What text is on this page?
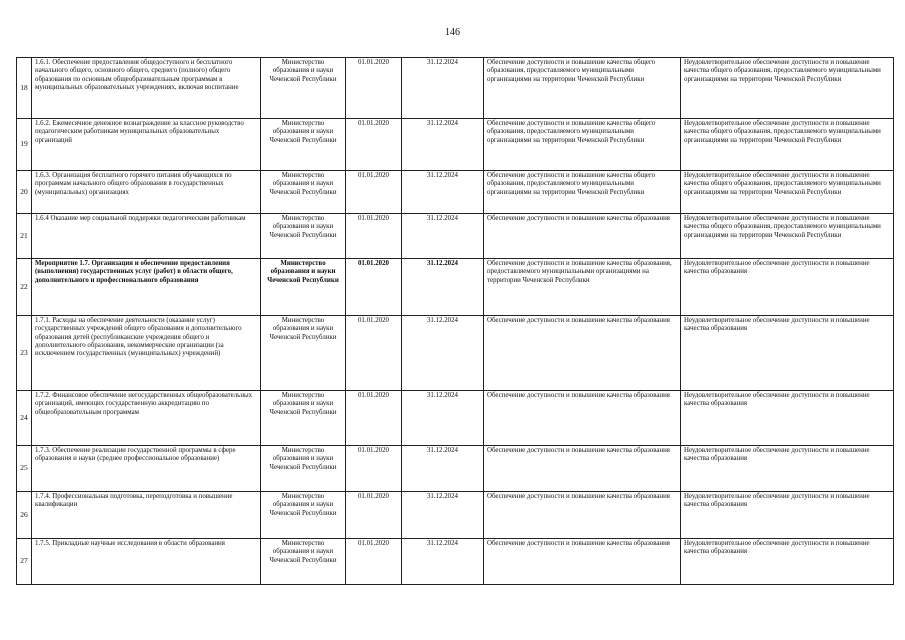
146
18	1.6.1. Обеспечение предоставления общедоступного и бесплатного начального общего, основного общего, среднего (полного) общего образования по основным общеобразовательным программам в муниципальных образовательных учреждениях, включая воспитание	Министерство образования и науки Чеченской Республики	01.01.2020	31.12.2024	Обеспечение доступности и повышение качества общего образования, предоставляемого муниципальными организациями на территории Чеченской Республики	Неудовлетворительное обеспечение доступности и повышение качества общего образования, предоставляемого муниципальными организациями на территории Чеченской Республики
19	1.6.2. Ежемесячное денежное вознаграждение за классное руководство педагогическим работникам муниципальных образовательных организаций	Министерство образования и науки Чеченской Республики	01.01.2020	31.12.2024	Обеспечение доступности и повышение качества общего образования, предоставляемого муниципальными организациями на территории Чеченской Республики	Неудовлетворительное обеспечение доступности и повышение качества общего образования, предоставляемого муниципальными организациями на территории Чеченской Республики
20	1.6.3. Организация бесплатного горячего питания обучающихся по программам начального общего образования в государственных (муниципальных) организациях	Министерство образования и науки Чеченской Республики	01.01.2020	31.12.2024	Обеспечение доступности и повышение качества общего образования, предоставляемого муниципальными организациями на территории Чеченской Республики	Неудовлетворительное обеспечение доступности и повышение качества общего образования, предоставляемого муниципальными организациями на территории Чеченской Республики
21	1.6.4 Оказание мер социальной поддержки педагогическим работникам	Министерство образования и науки Чеченской Республики	01.01.2020	31.12.2024	Обеспечение доступности и повышение качества образования	Неудовлетворительное обеспечение доступности и повышение качества общего образования, предоставляемого муниципальными организациями на территории Чеченской Республики
22	Мероприятие 1.7. Организация и обеспечение предоставления (выполнения) государственных услуг (работ) в области общего, дополнительного и профессионального образования	Министерство образования и науки Чеченской Республики	01.01.2020	31.12.2024	Обеспечение доступности и повышение качества образования, предоставляемого муниципальными организациями на территории Чеченской Республики	Неудовлетворительное обеспечение доступности и повышение качества образования
23	1.7.1. Расходы на обеспечение деятельности (оказание услуг) государственных учреждений общего образования и дополнительного образования детей (республиканские учреждения общего и дополнительного образования, некоммерческие организации (за исключением государственных (муниципальных) учреждений)	Министерство образования и науки Чеченской Республики	01.01.2020	31.12.2024	Обеспечение доступности и повышение качества образования	Неудовлетворительное обеспечение доступности и повышение качества образования
24	1.7.2. Финансовое обеспечение негосударственных общеобразовательных организаций, имеющих государственную аккредитацию по общеобразовательным программам	Министерство образования и науки Чеченской Республики	01.01.2020	31.12.2024	Обеспечение доступности и повышение качества образования	Неудовлетворительное обеспечение доступности и повышение качества образования
25	1.7.3. Обеспечение реализации государственной программы в сфере образования и науки (среднее профессиональное образование)	Министерство образования и науки Чеченской Республики	01.01.2020	31.12.2024	Обеспечение доступности и повышение качества образования	Неудовлетворительное обеспечение доступности и повышение качества образования
26	1.7.4. Профессиональная подготовка, переподготовка и повышение квалификации	Министерство образования и науки Чеченской Республики	01.01.2020	31.12.2024	Обеспечение доступности и повышение качества образования	Неудовлетворительное обеспечение доступности и повышение качества образования
27	1.7.5. Прикладные научные исследования в области образования	Министерство образования и науки Чеченской Республики	01.01.2020	31.12.2024	Обеспечение доступности и повышение качества образования	Неудовлетворительное обеспечение доступности и повышение качества образования
